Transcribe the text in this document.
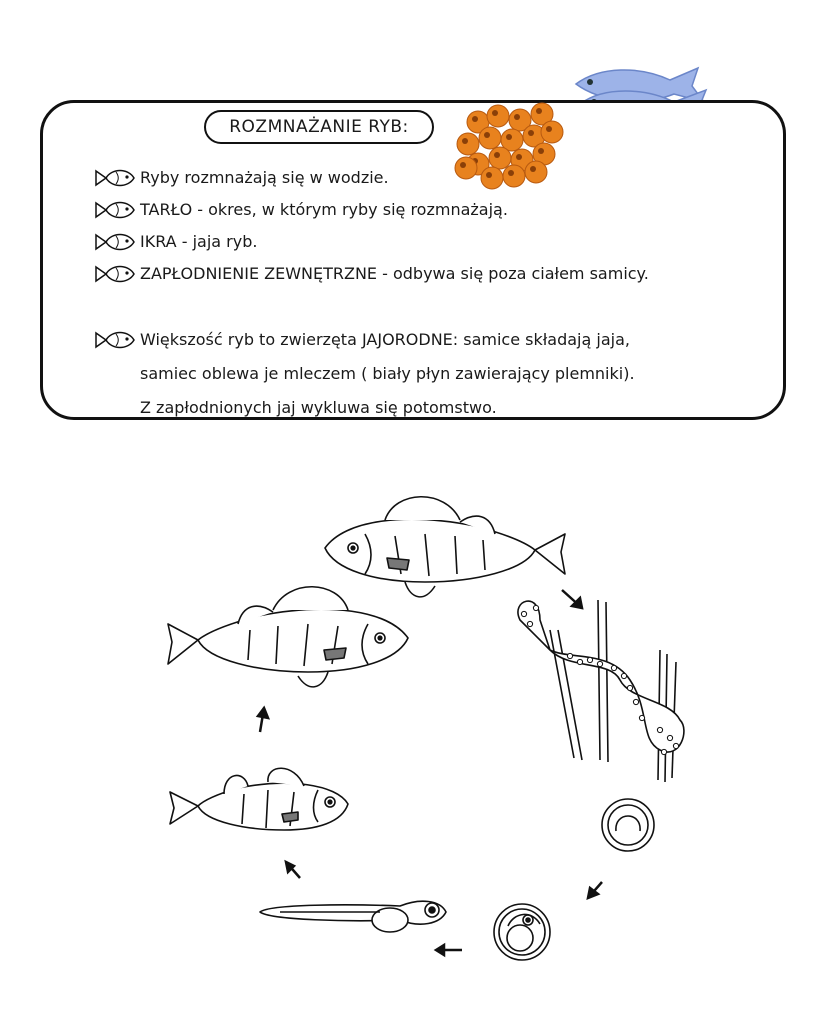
ROZMNAŻANIE RYB:
Ryby rozmnażają się w wodzie.
TARŁO - okres, w którym ryby się rozmnażają.
IKRA - jaja ryb.
ZAPŁODNIENIE ZEWNĘTRZNE - odbywa się poza ciałem samicy.
Większość ryb to zwierzęta JAJORODNE: samice składają jaja,
samiec oblewa je mleczem ( biały płyn zawierający plemniki).
Z zapłodnionych jaj wykluwa się potomstwo.
